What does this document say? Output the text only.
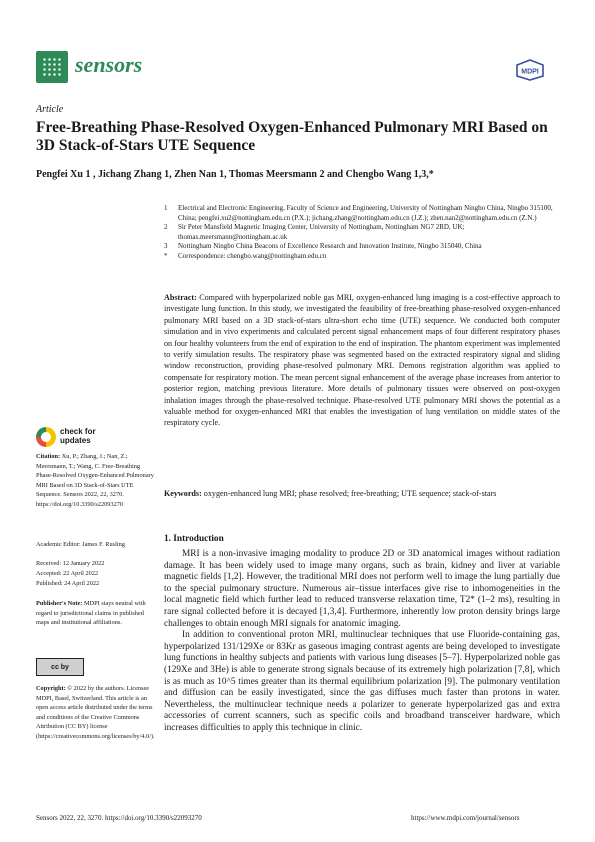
sensors	MDPI
Article
Free-Breathing Phase-Resolved Oxygen-Enhanced Pulmonary MRI Based on 3D Stack-of-Stars UTE Sequence
Pengfei Xu 1 , Jichang Zhang 1, Zhen Nan 1, Thomas Meersmann 2 and Chengbo Wang 1,3,*
1	Electrical and Electronic Engineering, Faculty of Science and Engineering, University of Nottingham Ningbo China, Ningbo 315100, China; pengfei.xu2@nottingham.edu.cn (P.X.); jichang.zhang@nottingham.edu.cn (J.Z.); zhen.nan2@nottingham.edu.cn (Z.N.)
2	Sir Peter Mansfield Magnetic Imaging Center, University of Nottingham, Nottingham NG7 2RD, UK; thomas.meersmann@nottingham.ac.uk
3	Nottingham Ningbo China Beacons of Excellence Research and Innovation Institute, Ningbo 315040, China
*	Correspondence: chengbo.wang@nottingham.edu.cn
Abstract: Compared with hyperpolarized noble gas MRI, oxygen-enhanced lung imaging is a cost-effective approach to investigate lung function. In this study, we investigated the feasibility of free-breathing phase-resolved oxygen-enhanced pulmonary MRI based on a 3D stack-of-stars ultra-short echo time (UTE) sequence. We conducted both computer simulation and in vivo experiments and calculated percent signal enhancement maps of four different respiratory phases on four healthy volunteers from the end of expiration to the end of inspiration. The phantom experiment was implemented to verify simulation results. The respiratory phase was segmented based on the extracted respiratory signal and sliding window reconstruction, providing phase-resolved pulmonary MRI. Demons registration algorithm was applied to compensate for respiratory motion. The mean percent signal enhancement of the average phase increases from anterior to posterior region, matching previous literature. More details of pulmonary tissues were observed on post-oxygen inhalation images through the phase-resolved technique. Phase-resolved UTE pulmonary MRI shows the potential as a valuable method for oxygen-enhanced MRI that enables the investigation of lung ventilation on middle states of the respiratory cycle.
Keywords: oxygen-enhanced lung MRI; phase resolved; free-breathing; UTE sequence; stack-of-stars
check for
updates
Citation: Xu, P.; Zhang, J.; Nan, Z.; Meersmann, T.; Wang, C. Free-Breathing Phase-Resolved Oxygen-Enhanced Pulmonary MRI Based on 3D Stack-of-Stars UTE Sequence. Sensors 2022, 22, 3270. https://doi.org/10.3390/s22093270
Academic Editor: James F. Rusling
Received: 12 January 2022
Accepted: 22 April 2022
Published: 24 April 2022
Publisher's Note: MDPI stays neutral with regard to jurisdictional claims in published maps and institutional affiliations.
cc by
Copyright: © 2022 by the authors. Licensee MDPI, Basel, Switzerland. This article is an open access article distributed under the terms and conditions of the Creative Commons Attribution (CC BY) license (https://creativecommons.org/licenses/by/4.0/).
1. Introduction

MRI is a non-invasive imaging modality to produce 2D or 3D anatomical images without radiation damage. It has been widely used to image many organs, such as brain, kidney and liver at variable magnetic fields [1,2]. However, the traditional MRI does not perform well to image the lung partially due to the special pulmonary structure. Numerous air–tissue interfaces give rise to inhomogeneities in the local magnetic field which further lead to reduced transverse relaxation time, T2* (1–2 ms), resulting in rare signal collected before it is decayed [1,3,4]. Furthermore, inherently low proton density brings large challenges to obtain enough MRI signals for anatomic imaging.

In addition to conventional proton MRI, multinuclear techniques that use Fluoride-containing gas, hyperpolarized 131/129Xe or 83Kr as gaseous imaging contrast agents are being developed to investigate lung functions in healthy subjects and patients with various lung diseases [5–7]. Hyperpolarized noble gas (129Xe and 3He) is able to generate strong signals because of its extremely high polarization [7,8], which is as much as 10^5 times greater than its thermal equilibrium polarization [9]. The pulmonary ventilation and diffusion can be easily investigated, since the gas diffuses much faster than protons in water. Nevertheless, the multinuclear technique needs a polarizer to generate hyperpolarized gas and extra accessories of current scanners, such as specific coils and broadband transceiver hardware, which increases difficulties to apply this technique in clinic.

Sensors 2022, 22, 3270. https://doi.org/10.3390/s22093270	https://www.mdpi.com/journal/sensors
